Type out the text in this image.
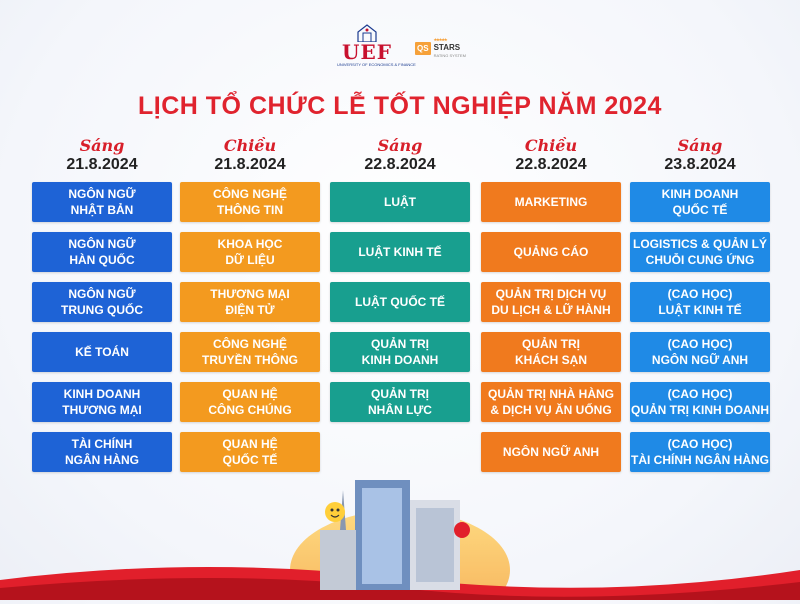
UEF
UNIVERSITY OF ECONOMICS & FINANCE
QS
★★★★★
STARS
RATING SYSTEM
LỊCH TỔ CHỨC LỄ TỐT NGHIỆP NĂM 2024
Sáng
21.8.2024
NGÔN NGỮ
NHẬT BẢN
NGÔN NGỮ
HÀN QUỐC
NGÔN NGỮ
TRUNG QUỐC
KẾ TOÁN
KINH DOANH
THƯƠNG MẠI
TÀI CHÍNH
NGÂN HÀNG
Chiều
21.8.2024
CÔNG NGHỆ
THÔNG TIN
KHOA HỌC
DỮ LIỆU
THƯƠNG MẠI
ĐIỆN TỬ
CÔNG NGHỆ
TRUYỀN THÔNG
QUAN HỆ
CÔNG CHÚNG
QUAN HỆ
QUỐC TẾ
Sáng
22.8.2024
LUẬT
LUẬT KINH TẾ
LUẬT QUỐC TẾ
QUẢN TRỊ
KINH DOANH
QUẢN TRỊ
NHÂN LỰC
Chiều
22.8.2024
MARKETING
QUẢNG CÁO
QUẢN TRỊ DỊCH VỤ
DU LỊCH & LỮ HÀNH
QUẢN TRỊ
KHÁCH SẠN
QUẢN TRỊ NHÀ HÀNG
& DỊCH VỤ ĂN UỐNG
NGÔN NGỮ ANH
Sáng
23.8.2024
KINH DOANH
QUỐC TẾ
LOGISTICS & QUẢN LÝ
CHUỖI CUNG ỨNG
(CAO HỌC)
LUẬT KINH TẾ
(CAO HỌC)
NGÔN NGỮ ANH
(CAO HỌC)
QUẢN TRỊ KINH DOANH
(CAO HỌC)
TÀI CHÍNH NGÂN HÀNG
